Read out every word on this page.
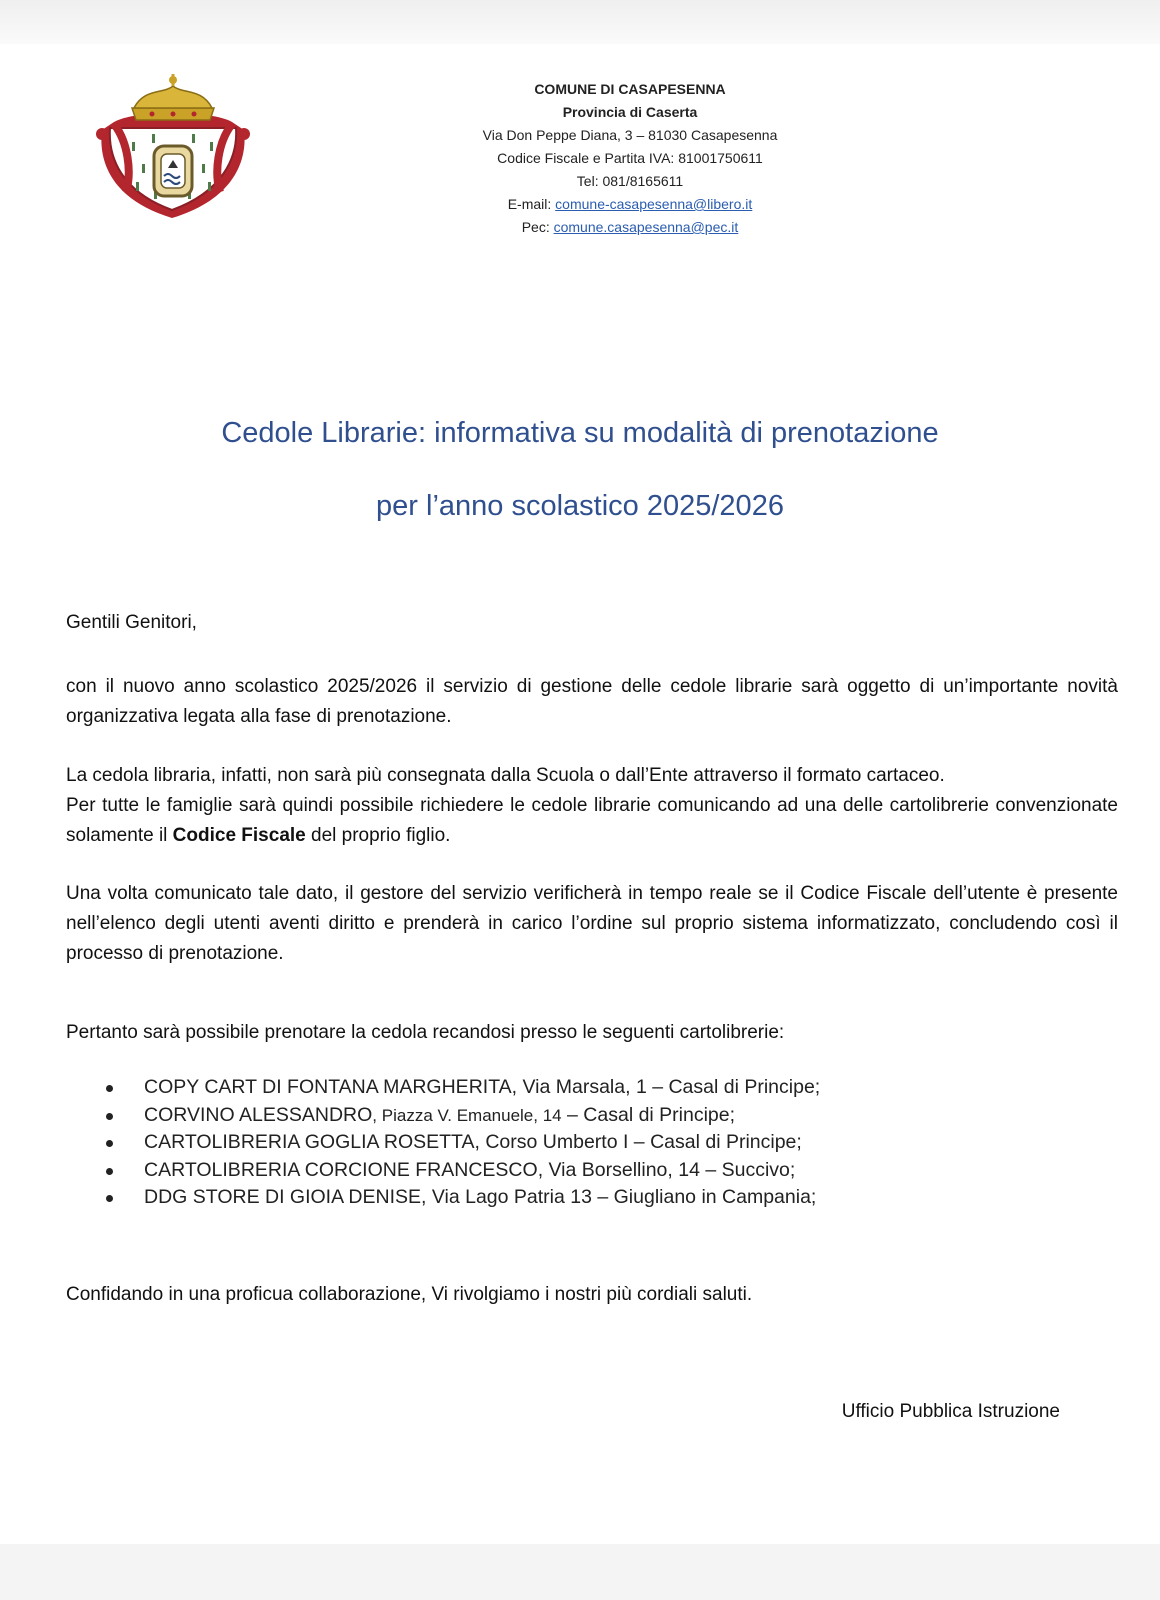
COMUNE DI CASAPESENNA
Provincia di Caserta
Via Don Peppe Diana, 3 – 81030 Casapesenna
Codice Fiscale e Partita IVA: 81001750611
Tel: 081/8165611
E-mail: comune-casapesenna@libero.it
Pec: comune.casapesenna@pec.it
Cedole Librarie: informativa su modalità di prenotazione
per l’anno scolastico 2025/2026
Gentili Genitori,
con il nuovo anno scolastico 2025/2026 il servizio di gestione delle cedole librarie sarà oggetto di un’importante novità organizzativa legata alla fase di prenotazione.
La cedola libraria, infatti, non sarà più consegnata dalla Scuola o dall’Ente attraverso il formato cartaceo.
Per tutte le famiglie sarà quindi possibile richiedere le cedole librarie comunicando ad una delle cartolibrerie convenzionate solamente il Codice Fiscale del proprio figlio.
Una volta comunicato tale dato, il gestore del servizio verificherà in tempo reale se il Codice Fiscale dell’utente è presente nell’elenco degli utenti aventi diritto e prenderà in carico l’ordine sul proprio sistema informatizzato, concludendo così il processo di prenotazione.
Pertanto sarà possibile prenotare la cedola recandosi presso le seguenti cartolibrerie:
COPY CART DI FONTANA MARGHERITA, Via Marsala, 1 – Casal di Principe;
CORVINO ALESSANDRO, Piazza V. Emanuele, 14 – Casal di Principe;
CARTOLIBRERIA GOGLIA ROSETTA, Corso Umberto I – Casal di Principe;
CARTOLIBRERIA CORCIONE FRANCESCO, Via Borsellino, 14 – Succivo;
DDG STORE DI GIOIA DENISE, Via Lago Patria 13 – Giugliano in Campania;
Confidando in una proficua collaborazione, Vi rivolgiamo i nostri più cordiali saluti.
Ufficio Pubblica Istruzione
